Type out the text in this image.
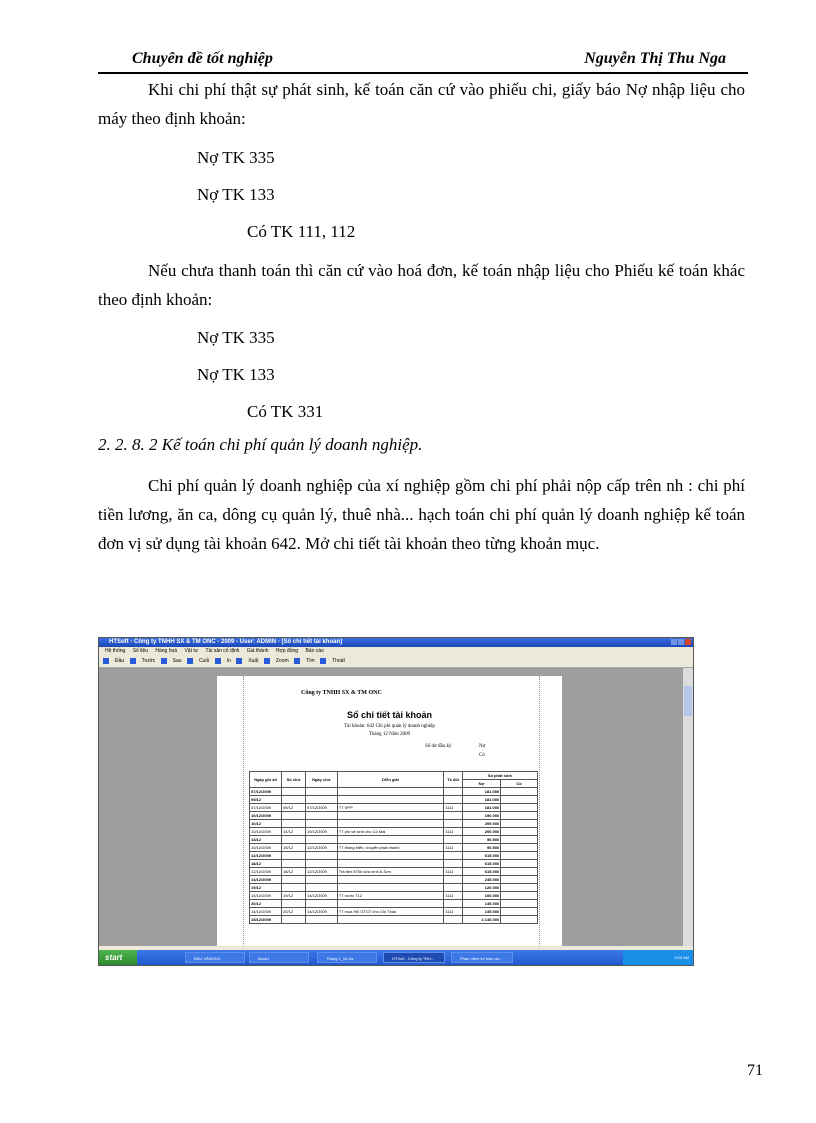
Chuyên đề tốt nghiệp	Nguyễn Thị Thu Nga

Khi chi phí thật sự phát sinh, kế toán căn cứ vào phiếu chi, giấy báo Nợ nhập liệu cho máy theo định khoản:

Nợ TK 335
Nợ TK 133
Có TK 111, 112

Nếu chưa thanh toán thì căn cứ vào hoá đơn, kế toán nhập liệu cho Phiếu kế toán khác theo định khoản:

Nợ TK 335
Nợ TK 133
Có TK 331
2. 2. 8. 2 Kế toán chi phí quản lý doanh nghiệp.

Chi phí quản lý doanh nghiệp của xí nghiệp gồm chi phí phải nộp cấp trên nh : chi phí tiền lương, ăn ca, dông cụ quản lý, thuê nhà... hạch toán chi phí quản lý doanh nghiệp kế toán đơn vị sử dụng tài khoản 642. Mở chi tiết tài khoản theo từng khoản mục.

HTSoft - Công ty TNHH SX & TM ONC - 2009 - User: ADMIN - [Sổ chi tiết tài khoản]
Hệ thống Số liệu Hàng hoá Vật tư Tài sản cố định Giá thành Hợp đồng Báo cáo
Đầu	Trước	Sau	Cuối	In	Xuất	Zoom	Tìm	Thoát
Công ty TNHH SX & TM ONC
Sổ chi tiết tài khoản
Tài khoản: 642 Chi phí quản lý doanh nghiệp
Tháng 12 Năm 2009
Số dư đầu kỳ	Nợ
Có
Ngày ghi sổ	Số chứ	Ngày chứ	Diễn giải	Tk đối	Số phát sinh	
					Nợ	Có
07/12/2009					181.000	
09/12					181.000	
07/12/2009	09/12	07/12/2009	TT VPP	1111	181.000	
10/12/2009					190.000	
10/12					209.000	
10/12/2009	14/12	10/12/2009	TT phí vệ sinh cho Cô Mai	1111	200.000	
13/12					90.500	
10/12/2009	15/12	12/12/2009	TT thông biển, chuyển phát nhanh	1111	90.500	
12/12/2009					615.000	
18/12					615.000	
12/12/2009	18/12	12/12/2009	Trả tiền 8750 sửa xính A.Sơn	1111	615.000	
14/12/2009					245.000	
19/12					120.000	
14/12/2009	19/12	14/12/2009	TT nước T12	1111	100.000	
20/12					145.000	
14/12/2009	20/12	14/12/2009	TT mua HĐ GTGT cho Chị Thảo	1111	145.000	
15/12/2009					2.140.000	
start	BÁU VĂN2010	Book1	Tháng 1_10.xls	HTSoft - Công ty TNH...	Phần mềm kế toán do...	9:20 AM
71
